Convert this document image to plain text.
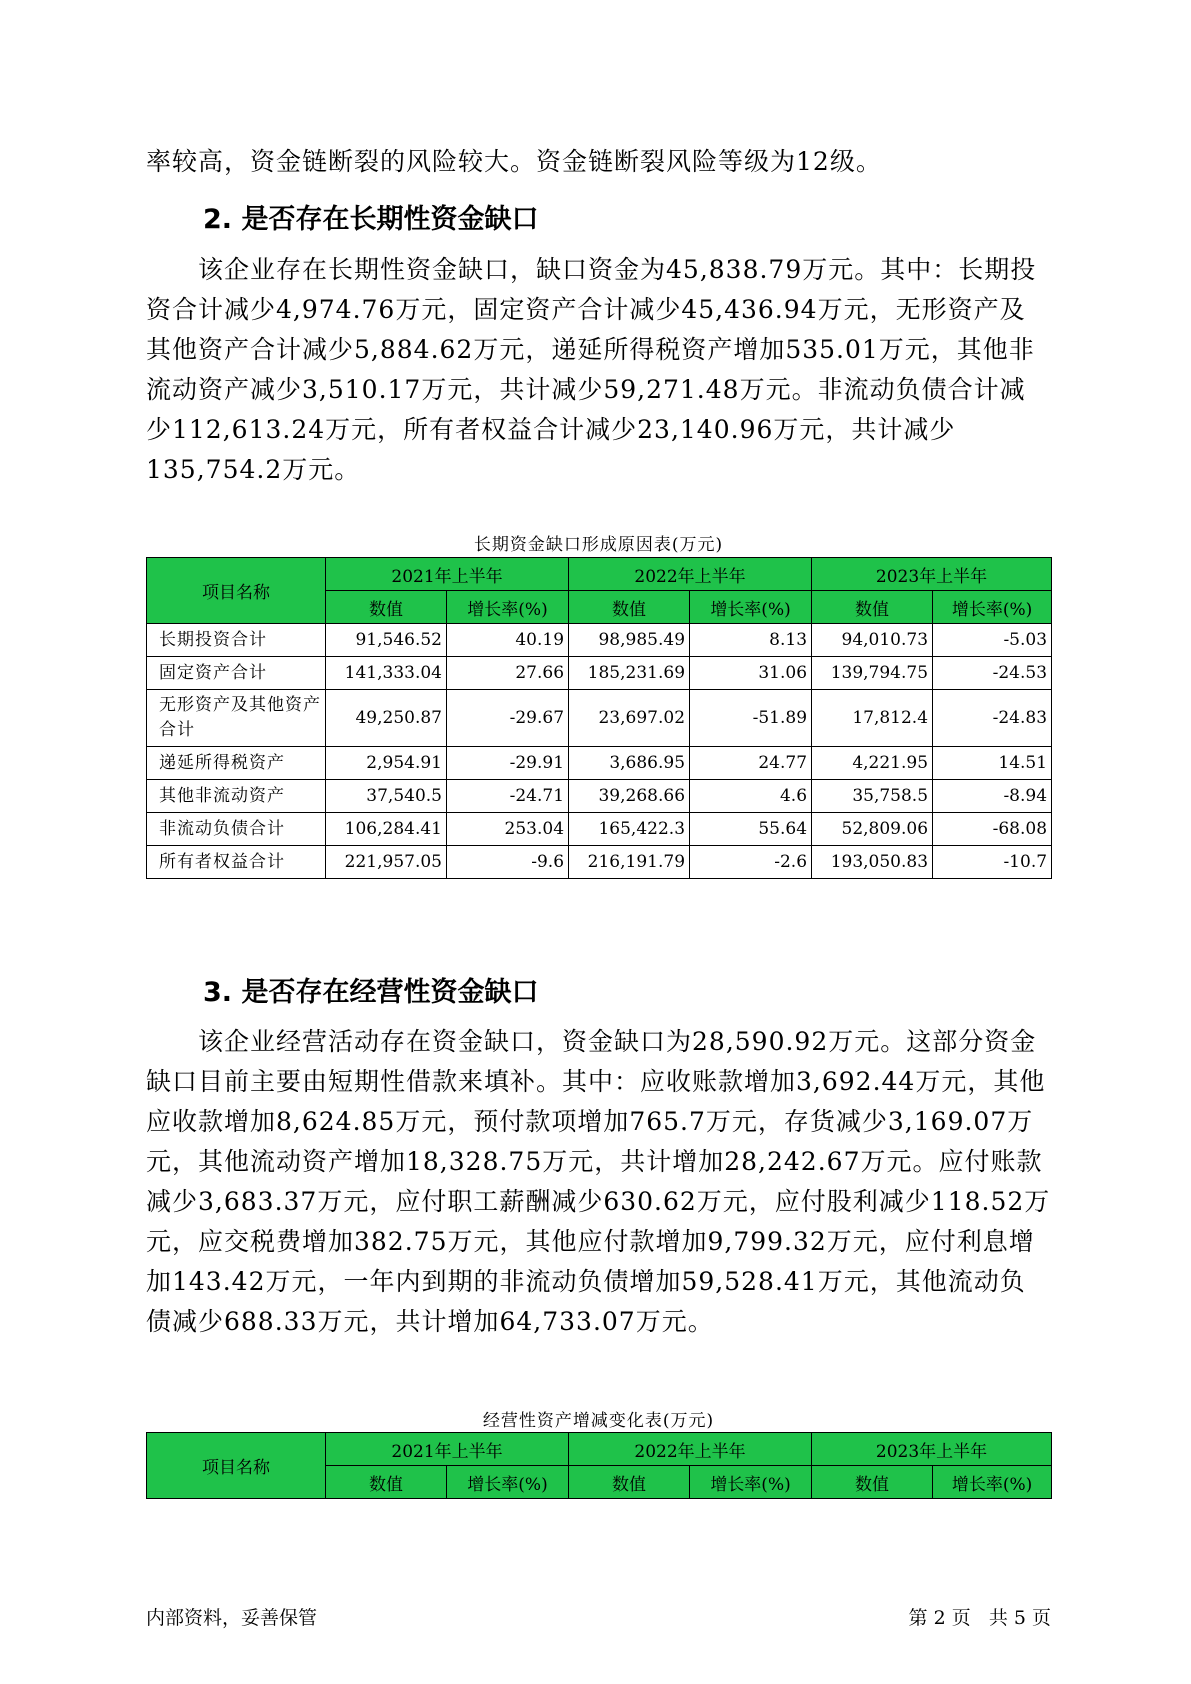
率较高，资金链断裂的风险较大。资金链断裂风险等级为12级。

2. 是否存在长期性资金缺口

该企业存在长期性资金缺口，缺口资金为45,838.79万元。其中：长期投资合计减少4,974.76万元，固定资产合计减少45,436.94万元，无形资产及其他资产合计减少5,884.62万元，递延所得税资产增加535.01万元，其他非流动资产减少3,510.17万元，共计减少59,271.48万元。非流动负债合计减少112,613.24万元，所有者权益合计减少23,140.96万元，共计减少135,754.2万元。

长期资金缺口形成原因表(万元)
项目名称	2021年上半年		2022年上半年		2023年上半年	
	数值	增长率(%)	数值	增长率(%)	数值	增长率(%)
长期投资合计	91,546.52	40.19	98,985.49	8.13	94,010.73	-5.03
固定资产合计	141,333.04	27.66	185,231.69	31.06	139,794.75	-24.53
无形资产及其他资产合计	49,250.87	-29.67	23,697.02	-51.89	17,812.4	-24.83
递延所得税资产	2,954.91	-29.91	3,686.95	24.77	4,221.95	14.51
其他非流动资产	37,540.5	-24.71	39,268.66	4.6	35,758.5	-8.94
非流动负债合计	106,284.41	253.04	165,422.3	55.64	52,809.06	-68.08
所有者权益合计	221,957.05	-9.6	216,191.79	-2.6	193,050.83	-10.7
3. 是否存在经营性资金缺口

该企业经营活动存在资金缺口，资金缺口为28,590.92万元。这部分资金缺口目前主要由短期性借款来填补。其中：应收账款增加3,692.44万元，其他应收款增加8,624.85万元，预付款项增加765.7万元，存货减少3,169.07万元，其他流动资产增加18,328.75万元，共计增加28,242.67万元。应付账款减少3,683.37万元，应付职工薪酬减少630.62万元，应付股利减少118.52万元，应交税费增加382.75万元，其他应付款增加9,799.32万元，应付利息增加143.42万元，一年内到期的非流动负债增加59,528.41万元，其他流动负债减少688.33万元，共计增加64,733.07万元。

经营性资产增减变化表(万元)
项目名称	2021年上半年		2022年上半年		2023年上半年	
	数值	增长率(%)	数值	增长率(%)	数值	增长率(%)
内部资料，妥善保管	第 2 页   共 5 页
